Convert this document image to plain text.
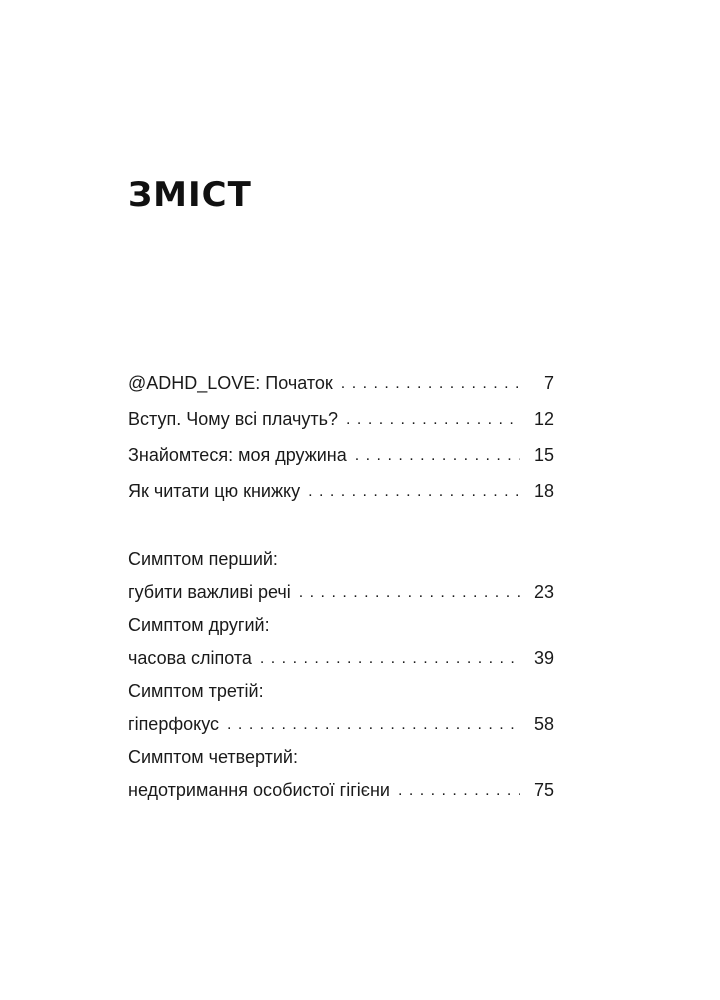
ЗМІСТ
@ADHD_LOVE: Початок . . .	7
Вступ. Чому всі плачуть? . . .	12
Знайомтеся: моя дружина . . .	15
Як читати цю книжку . . .	18
Симптом перший:
губити важливі речі . . .	23
Симптом другий:
часова сліпота . . .	39
Симптом третій:
гіперфокус . . .	58
Симптом четвертий:
недотримання особистої гігієни . . .	75
